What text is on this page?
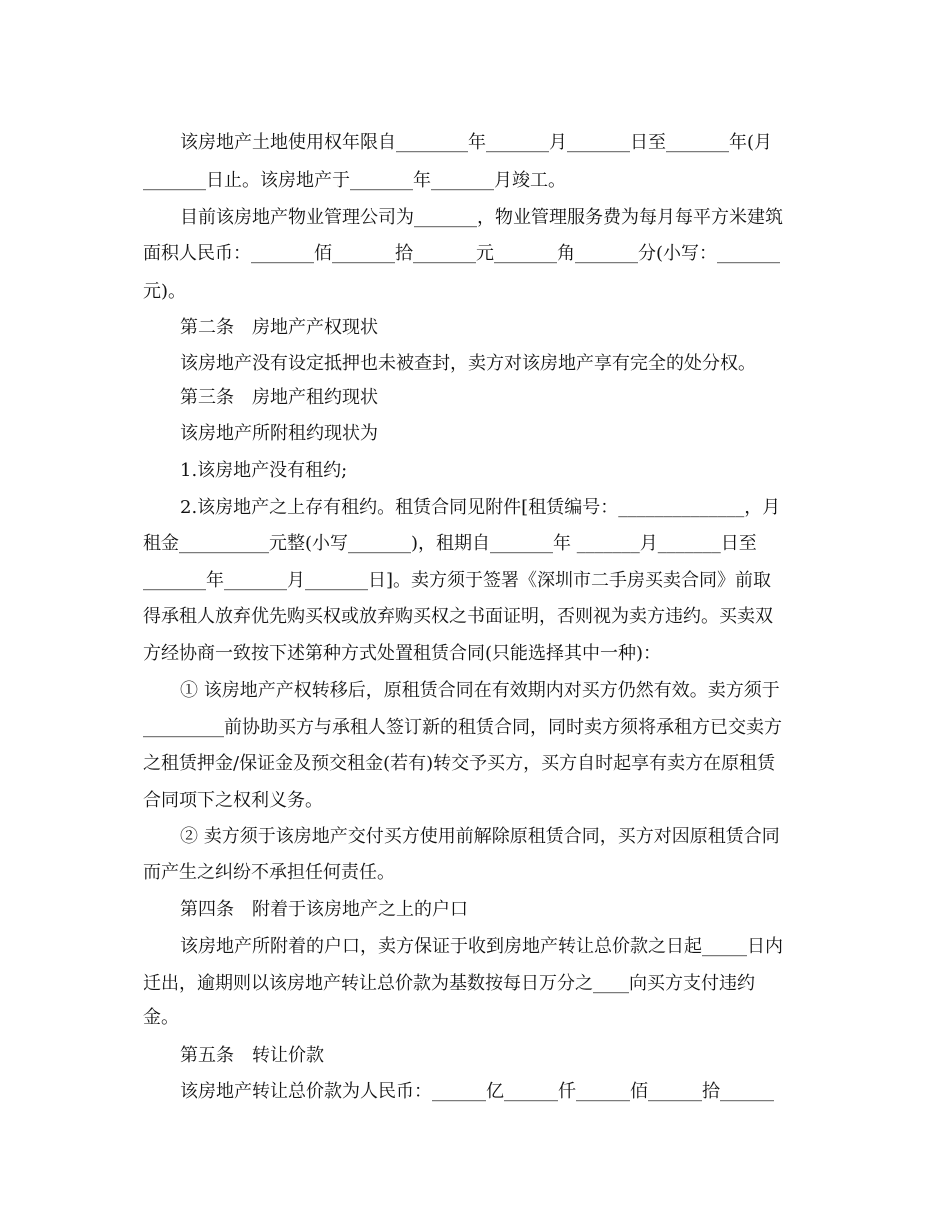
该房地产土地使用权年限自________年_______月_______日至_______年(月
_______日止。该房地产于_______年_______月竣工。
目前该房地产物业管理公司为_______，物业管理服务费为每月每平方米建筑
面积人民币：_______佰_______拾_______元_______角_______分(小写：_______
元)。
第二条　房地产产权现状
该房地产没有设定抵押也未被查封，卖方对该房地产享有完全的处分权。
第三条　房地产租约现状
该房地产所附租约现状为
1.该房地产没有租约;
2.该房地产之上存有租约。租赁合同见附件[租赁编号：______________，月
租金__________元整(小写_______)，租期自_______年 _______月_______日至
_______年_______月_______日]。卖方须于签署《深圳市二手房买卖合同》前取
得承租人放弃优先购买权或放弃购买权之书面证明，否则视为卖方违约。买卖双
方经协商一致按下述第种方式处置租赁合同(只能选择其中一种)：
① 该房地产产权转移后，原租赁合同在有效期内对买方仍然有效。卖方须于
_________前协助买方与承租人签订新的租赁合同，同时卖方须将承租方已交卖方
之租赁押金/保证金及预交租金(若有)转交予买方，买方自时起享有卖方在原租赁
合同项下之权利义务。
② 卖方须于该房地产交付买方使用前解除原租赁合同，买方对因原租赁合同
而产生之纠纷不承担任何责任。
第四条　附着于该房地产之上的户口
该房地产所附着的户口，卖方保证于收到房地产转让总价款之日起_____日内
迁出，逾期则以该房地产转让总价款为基数按每日万分之____向买方支付违约
金。
第五条　转让价款
该房地产转让总价款为人民币：______亿______仟______佰______拾______
